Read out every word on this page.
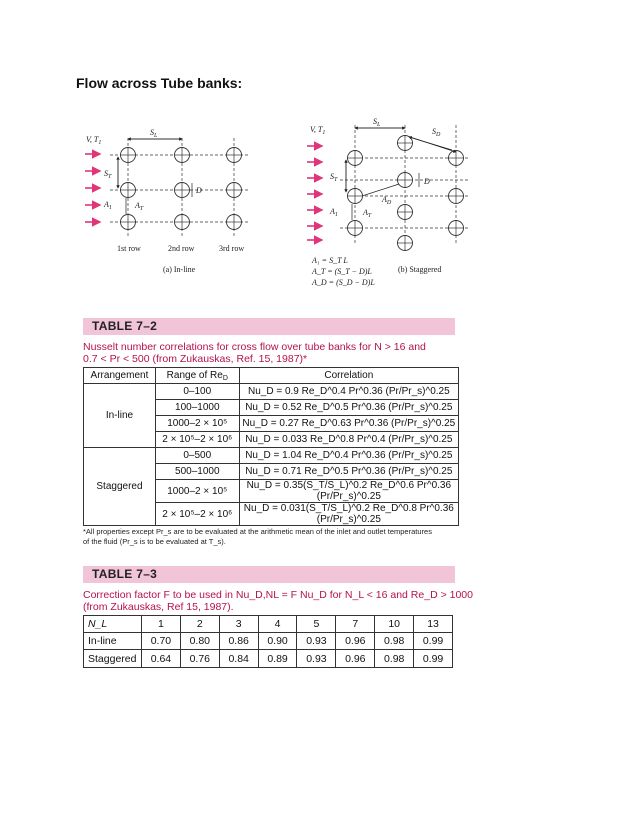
Flow across Tube banks:
V, $T_1$
$S_L$
$S_T$
$A_1$	$A_T$
D
1st row	2nd row	3rd row
(a) In-line
V, $T_1$
$S_L$
$S_D$
$S_T$	D
$A_D$
$A_1$	$A_T$
A₁ = S_T L
A_T = (S_T − D)L
A_D = (S_D − D)L
(b) Staggered
TABLE 7–2
Nusselt number correlations for cross flow over tube banks for N > 16 and
0.7 < Pr < 500 (from Zukauskas, Ref. 15, 1987)*
Arrangement	Range of $Re_D$	Correlation
In-line	0–100	Nu_D = 0.9 Re_D^0.4 Pr^0.36 (Pr/Pr_s)^0.25
	100–1000	Nu_D = 0.52 Re_D^0.5 Pr^0.36 (Pr/Pr_s)^0.25
	1000–2 × 10⁵	Nu_D = 0.27 Re_D^0.63 Pr^0.36 (Pr/Pr_s)^0.25
	2 × 10⁵–2 × 10⁶	Nu_D = 0.033 Re_D^0.8 Pr^0.4 (Pr/Pr_s)^0.25
Staggered	0–500	Nu_D = 1.04 Re_D^0.4 Pr^0.36 (Pr/Pr_s)^0.25
	500–1000	Nu_D = 0.71 Re_D^0.5 Pr^0.36 (Pr/Pr_s)^0.25
	1000–2 × 10⁵	Nu_D = 0.35(S_T/S_L)^0.2 Re_D^0.6 Pr^0.36 (Pr/Pr_s)^0.25
	2 × 10⁵–2 × 10⁶	Nu_D = 0.031(S_T/S_L)^0.2 Re_D^0.8 Pr^0.36 (Pr/Pr_s)^0.25
*All properties except Pr_s are to be evaluated at the arithmetic mean of the inlet and outlet temperatures
of the fluid (Pr_s is to be evaluated at T_s).
TABLE 7–3
Correction factor F to be used in Nu_D,NL = F Nu_D for N_L < 16 and Re_D > 1000
(from Zukauskas, Ref 15, 1987).
N_L	1	2	3	4	5	7	10	13
In-line	0.70	0.80	0.86	0.90	0.93	0.96	0.98	0.99
Staggered	0.64	0.76	0.84	0.89	0.93	0.96	0.98	0.99
